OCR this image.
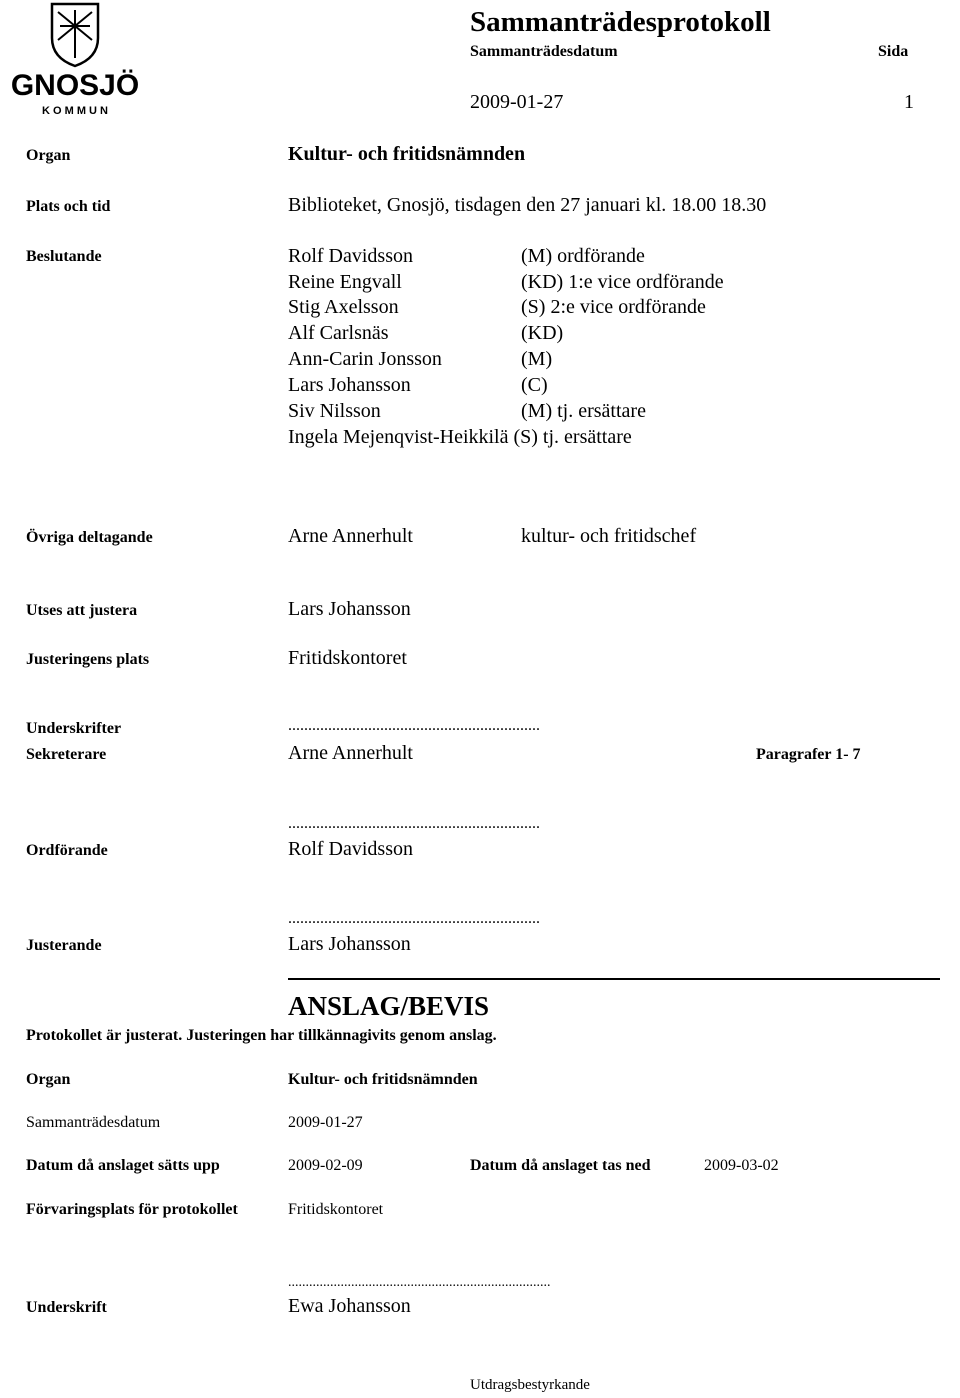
GNOSJÖ
K O M M U N
Sammanträdesprotokoll
Sammanträdesdatum	Sida
2009-01-27	1
Organ	Kultur- och fritidsnämnden
Plats och tid	Biblioteket, Gnosjö, tisdagen den 27 januari kl. 18.00 18.30
Beslutande	Rolf Davidsson	(M) ordförande
Reine Engvall	(KD) 1:e vice ordförande
Stig Axelsson	(S) 2:e vice ordförande
Alf Carlsnäs	(KD)
Ann-Carin Jonsson	(M)
Lars Johansson	(C)
Siv Nilsson	(M) tj. ersättare
Ingela Mejenqvist-Heikkilä (S) tj. ersättare
Övriga deltagande	Arne Annerhult	kultur- och fritidschef
Utses att justera	Lars Johansson
Justeringens plats	Fritidskontoret
Underskrifter	...............................................................
Sekreterare	Arne Annerhult	Paragrafer 1- 7
...............................................................
Ordförande	Rolf Davidsson
...............................................................
Justerande	Lars Johansson
ANSLAG/BEVIS
Protokollet är justerat. Justeringen har tillkännagivits genom anslag.
Organ	Kultur- och fritidsnämnden
Sammanträdesdatum	2009-01-27
Datum då anslaget sätts upp	2009-02-09	Datum då anslaget tas ned	2009-03-02
Förvaringsplats för protokollet	Fritidskontoret
...........................................................................
Underskrift	Ewa Johansson
Utdragsbestyrkande
